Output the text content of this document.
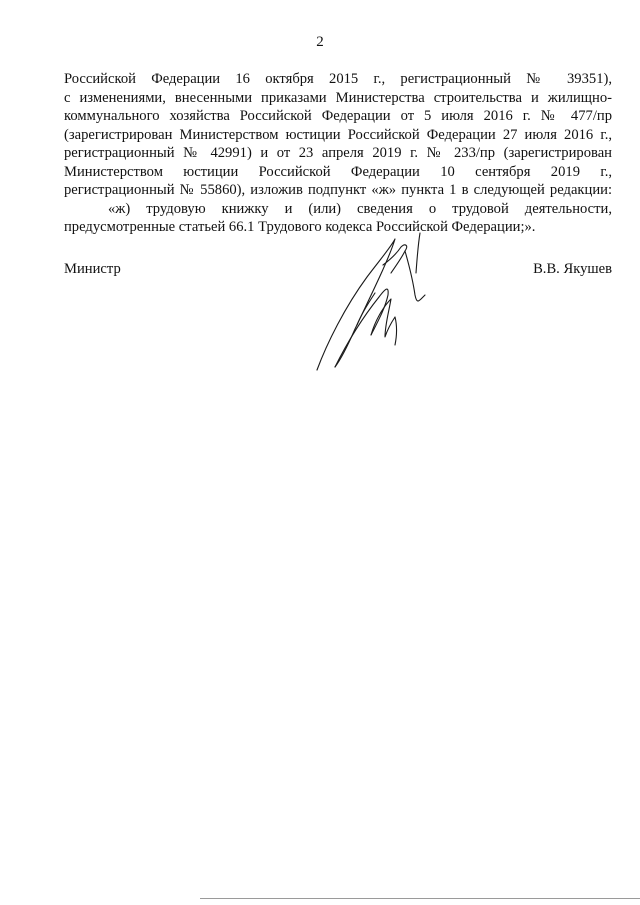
2
Российской Федерации 16 октября 2015 г., регистрационный № 39351),
с изменениями, внесенными приказами Министерства строительства и жилищно-
коммунального хозяйства Российской Федерации от 5 июля 2016 г. № 477/пр
(зарегистрирован Министерством юстиции Российской Федерации 27 июля 2016 г.,
регистрационный № 42991) и от 23 апреля 2019 г. № 233/пр (зарегистрирован
Министерством юстиции Российской Федерации 10 сентября 2019 г.,
регистрационный № 55860), изложив подпункт «ж» пункта 1 в следующей редакции:
«ж) трудовую книжку и (или) сведения о трудовой деятельности,
предусмотренные статьей 66.1 Трудового кодекса Российской Федерации;».
Министр	В.В. Якушев
